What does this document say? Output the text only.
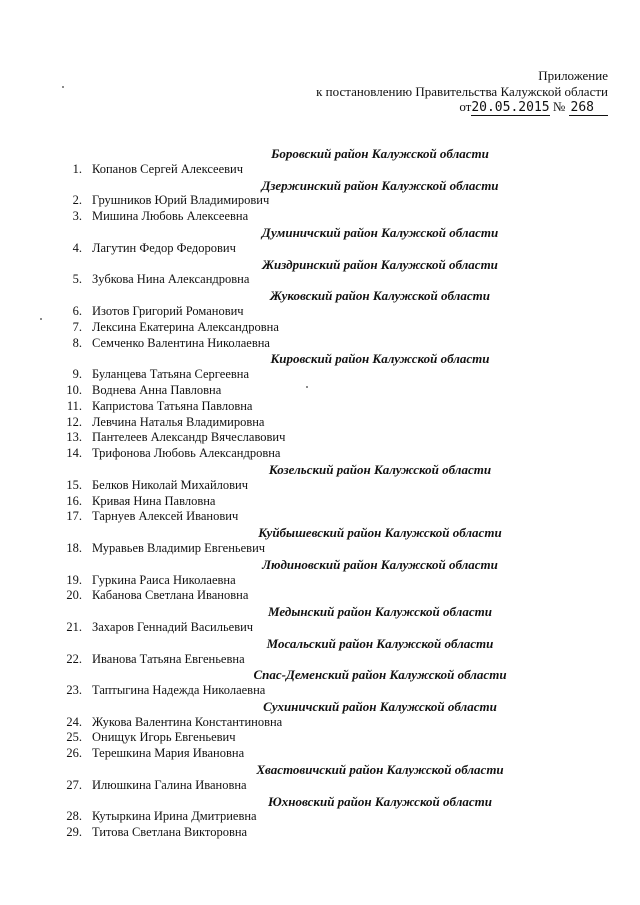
Приложение
к постановлению Правительства Калужской области
от20.05.2015 № 268
Боровский район Калужской области
1. Копанов Сергей Алексеевич
Дзержинский район Калужской области
2. Грушников Юрий Владимирович
3. Мишина Любовь Алексеевна
Думиничский район Калужской области
4. Лагутин Федор Федорович
Жиздринский район Калужской области
5. Зубкова Нина Александровна
Жуковский район Калужской области
6. Изотов Григорий Романович
7. Лексина Екатерина Александровна
8. Семченко Валентина Николаевна
Кировский район Калужской области
9. Буланцева Татьяна Сергеевна
10. Воднева Анна Павловна
11. Капристова Татьяна Павловна
12. Левчина Наталья Владимировна
13. Пантелеев Александр Вячеславович
14. Трифонова Любовь Александровна
Козельский район Калужской области
15. Белков Николай Михайлович
16. Кривая Нина Павловна
17. Тарнуев Алексей Иванович
Куйбышевский район Калужской области
18. Муравьев Владимир Евгеньевич
Людиновский район Калужской области
19. Гуркина Раиса Николаевна
20. Кабанова Светлана Ивановна
Медынский район Калужской области
21. Захаров Геннадий Васильевич
Мосальский район Калужской области
22. Иванова Татьяна Евгеньевна
Спас-Деменский район Калужской области
23. Таптыгина Надежда Николаевна
Сухиничский район Калужской области
24. Жукова Валентина Константиновна
25. Онищук Игорь Евгеньевич
26. Терешкина Мария Ивановна
Хвастовичский район Калужской области
27. Илюшкина Галина Ивановна
Юхновский район Калужской области
28. Кутыркина Ирина Дмитриевна
29. Титова Светлана Викторовна
